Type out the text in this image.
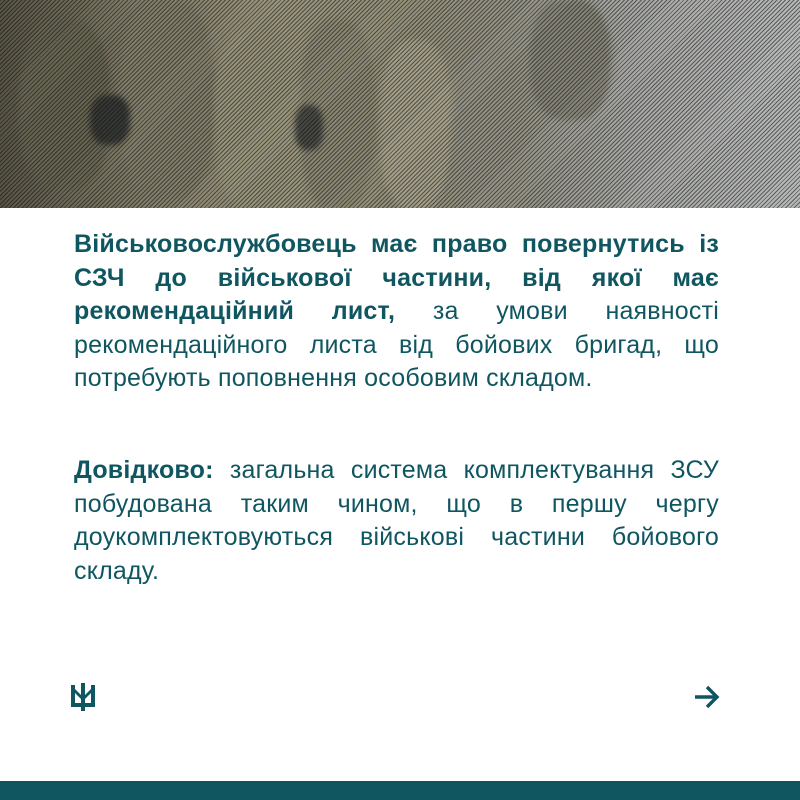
Військовослужбовець має право повернутись із СЗЧ до військової частини, від якої має рекомендаційний лист, за умови наявності рекомендаційного листа від бойових бригад, що потребують поповнення особовим складом.
Довідково: загальна система комплектування ЗСУ побудована таким чином, що в першу чергу доукомплектовуються військові частини бойового складу.
